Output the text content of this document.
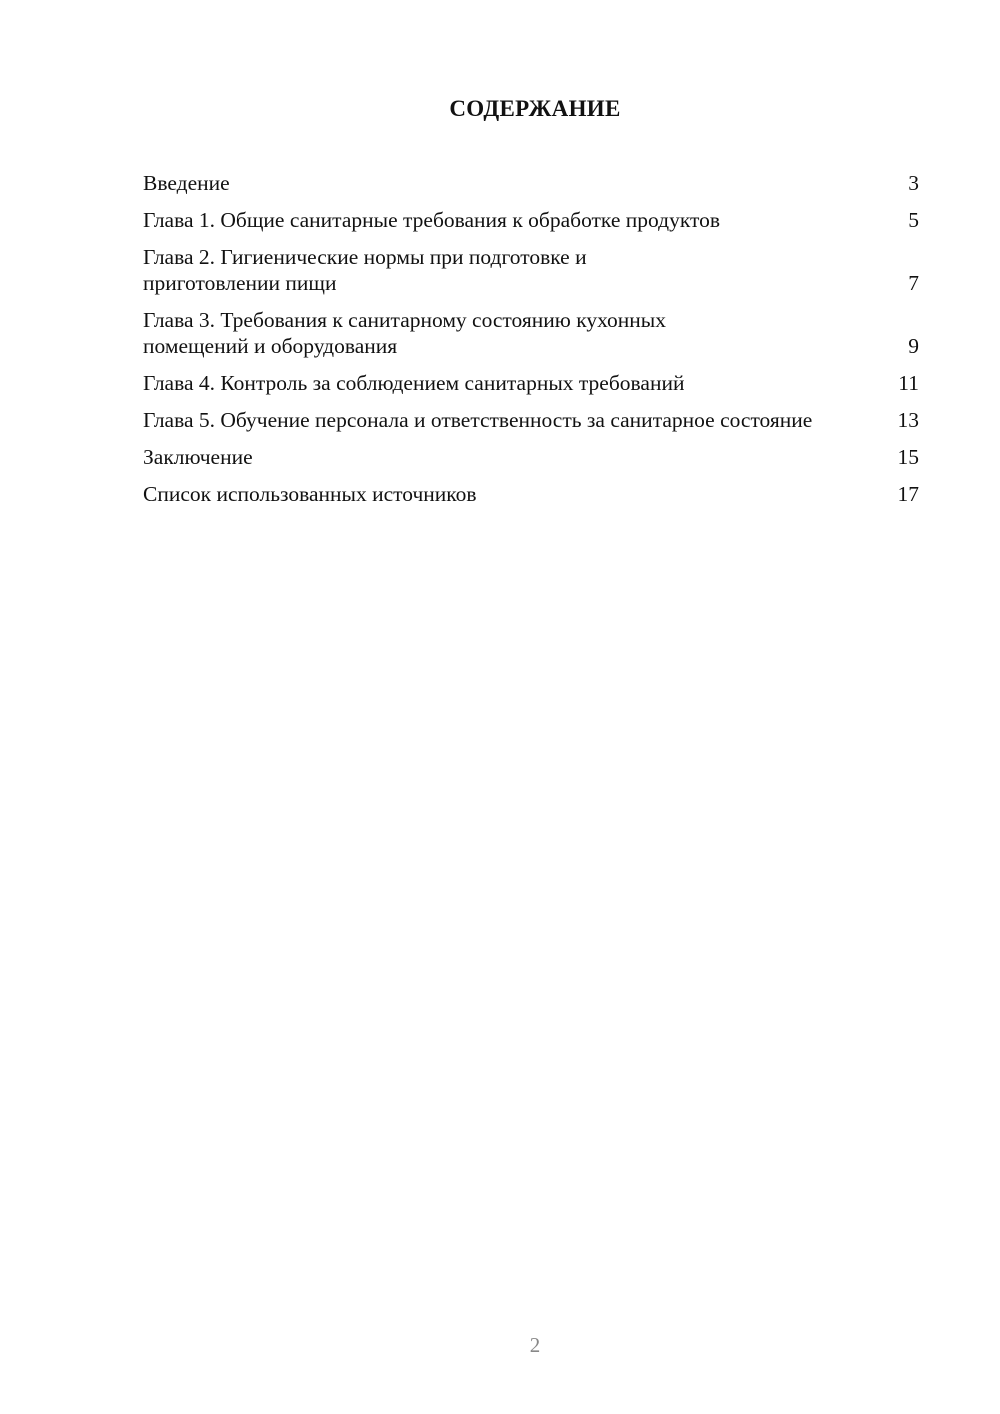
СОДЕРЖАНИЕ
Введение	3
Глава 1. Общие санитарные требования к обработке продуктов	5
Глава 2. Гигиенические нормы при подготовке и приготовлении пищи	7
Глава 3. Требования к санитарному состоянию кухонных помещений и оборудования	9
Глава 4. Контроль за соблюдением санитарных требований	11
Глава 5. Обучение персонала и ответственность за санитарное состояние	13
Заключение	15
Список использованных источников	17
2
